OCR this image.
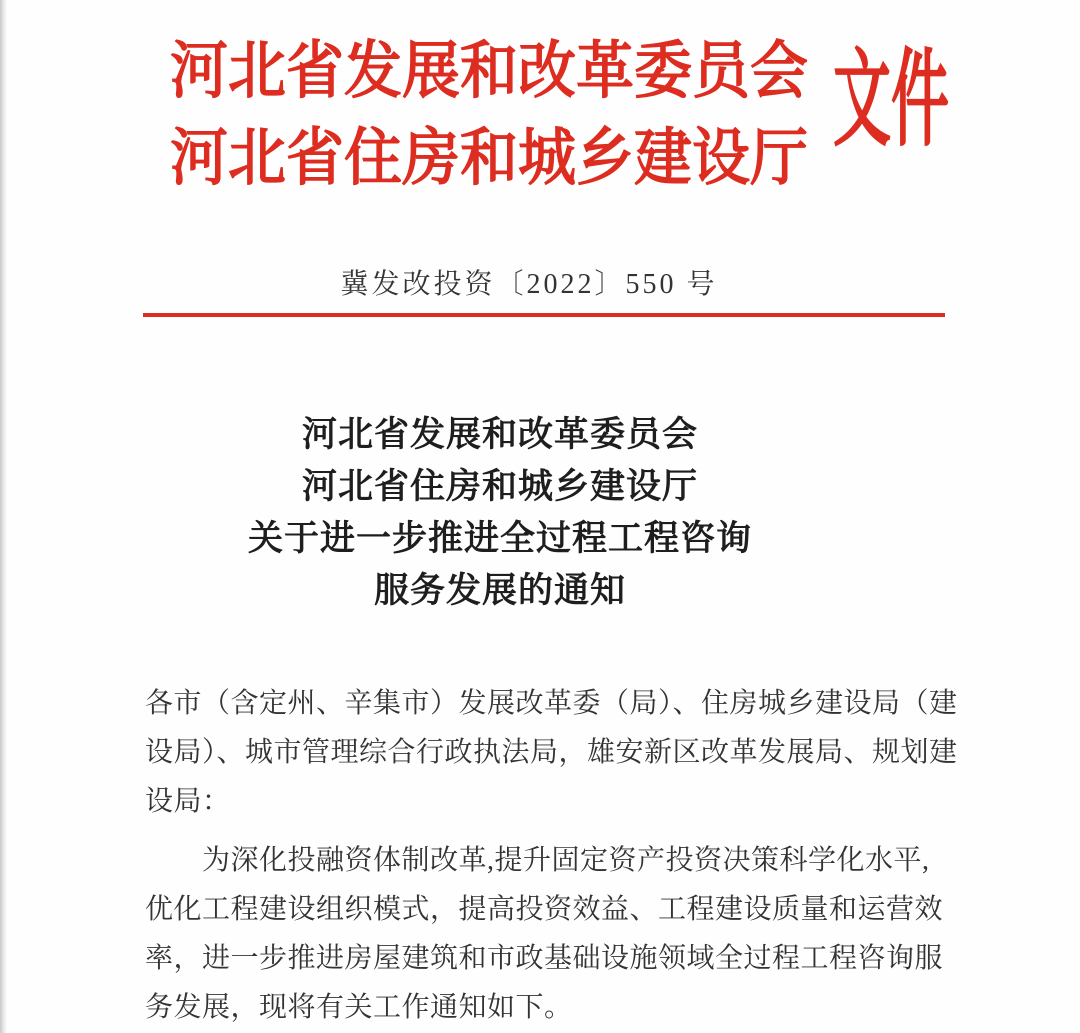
河北省发展和改革委员会
河北省住房和城乡建设厅 文件
冀发改投资〔2022〕550 号
河北省发展和改革委员会
河北省住房和城乡建设厅
关于进一步推进全过程工程咨询
服务发展的通知
各市（含定州、辛集市）发展改革委（局）、住房城乡建设局（建
设局）、城市管理综合行政执法局，雄安新区改革发展局、规划建
设局：
为深化投融资体制改革,提升固定资产投资决策科学化水平,
优化工程建设组织模式，提高投资效益、工程建设质量和运营效
率，进一步推进房屋建筑和市政基础设施领域全过程工程咨询服
务发展，现将有关工作通知如下。
